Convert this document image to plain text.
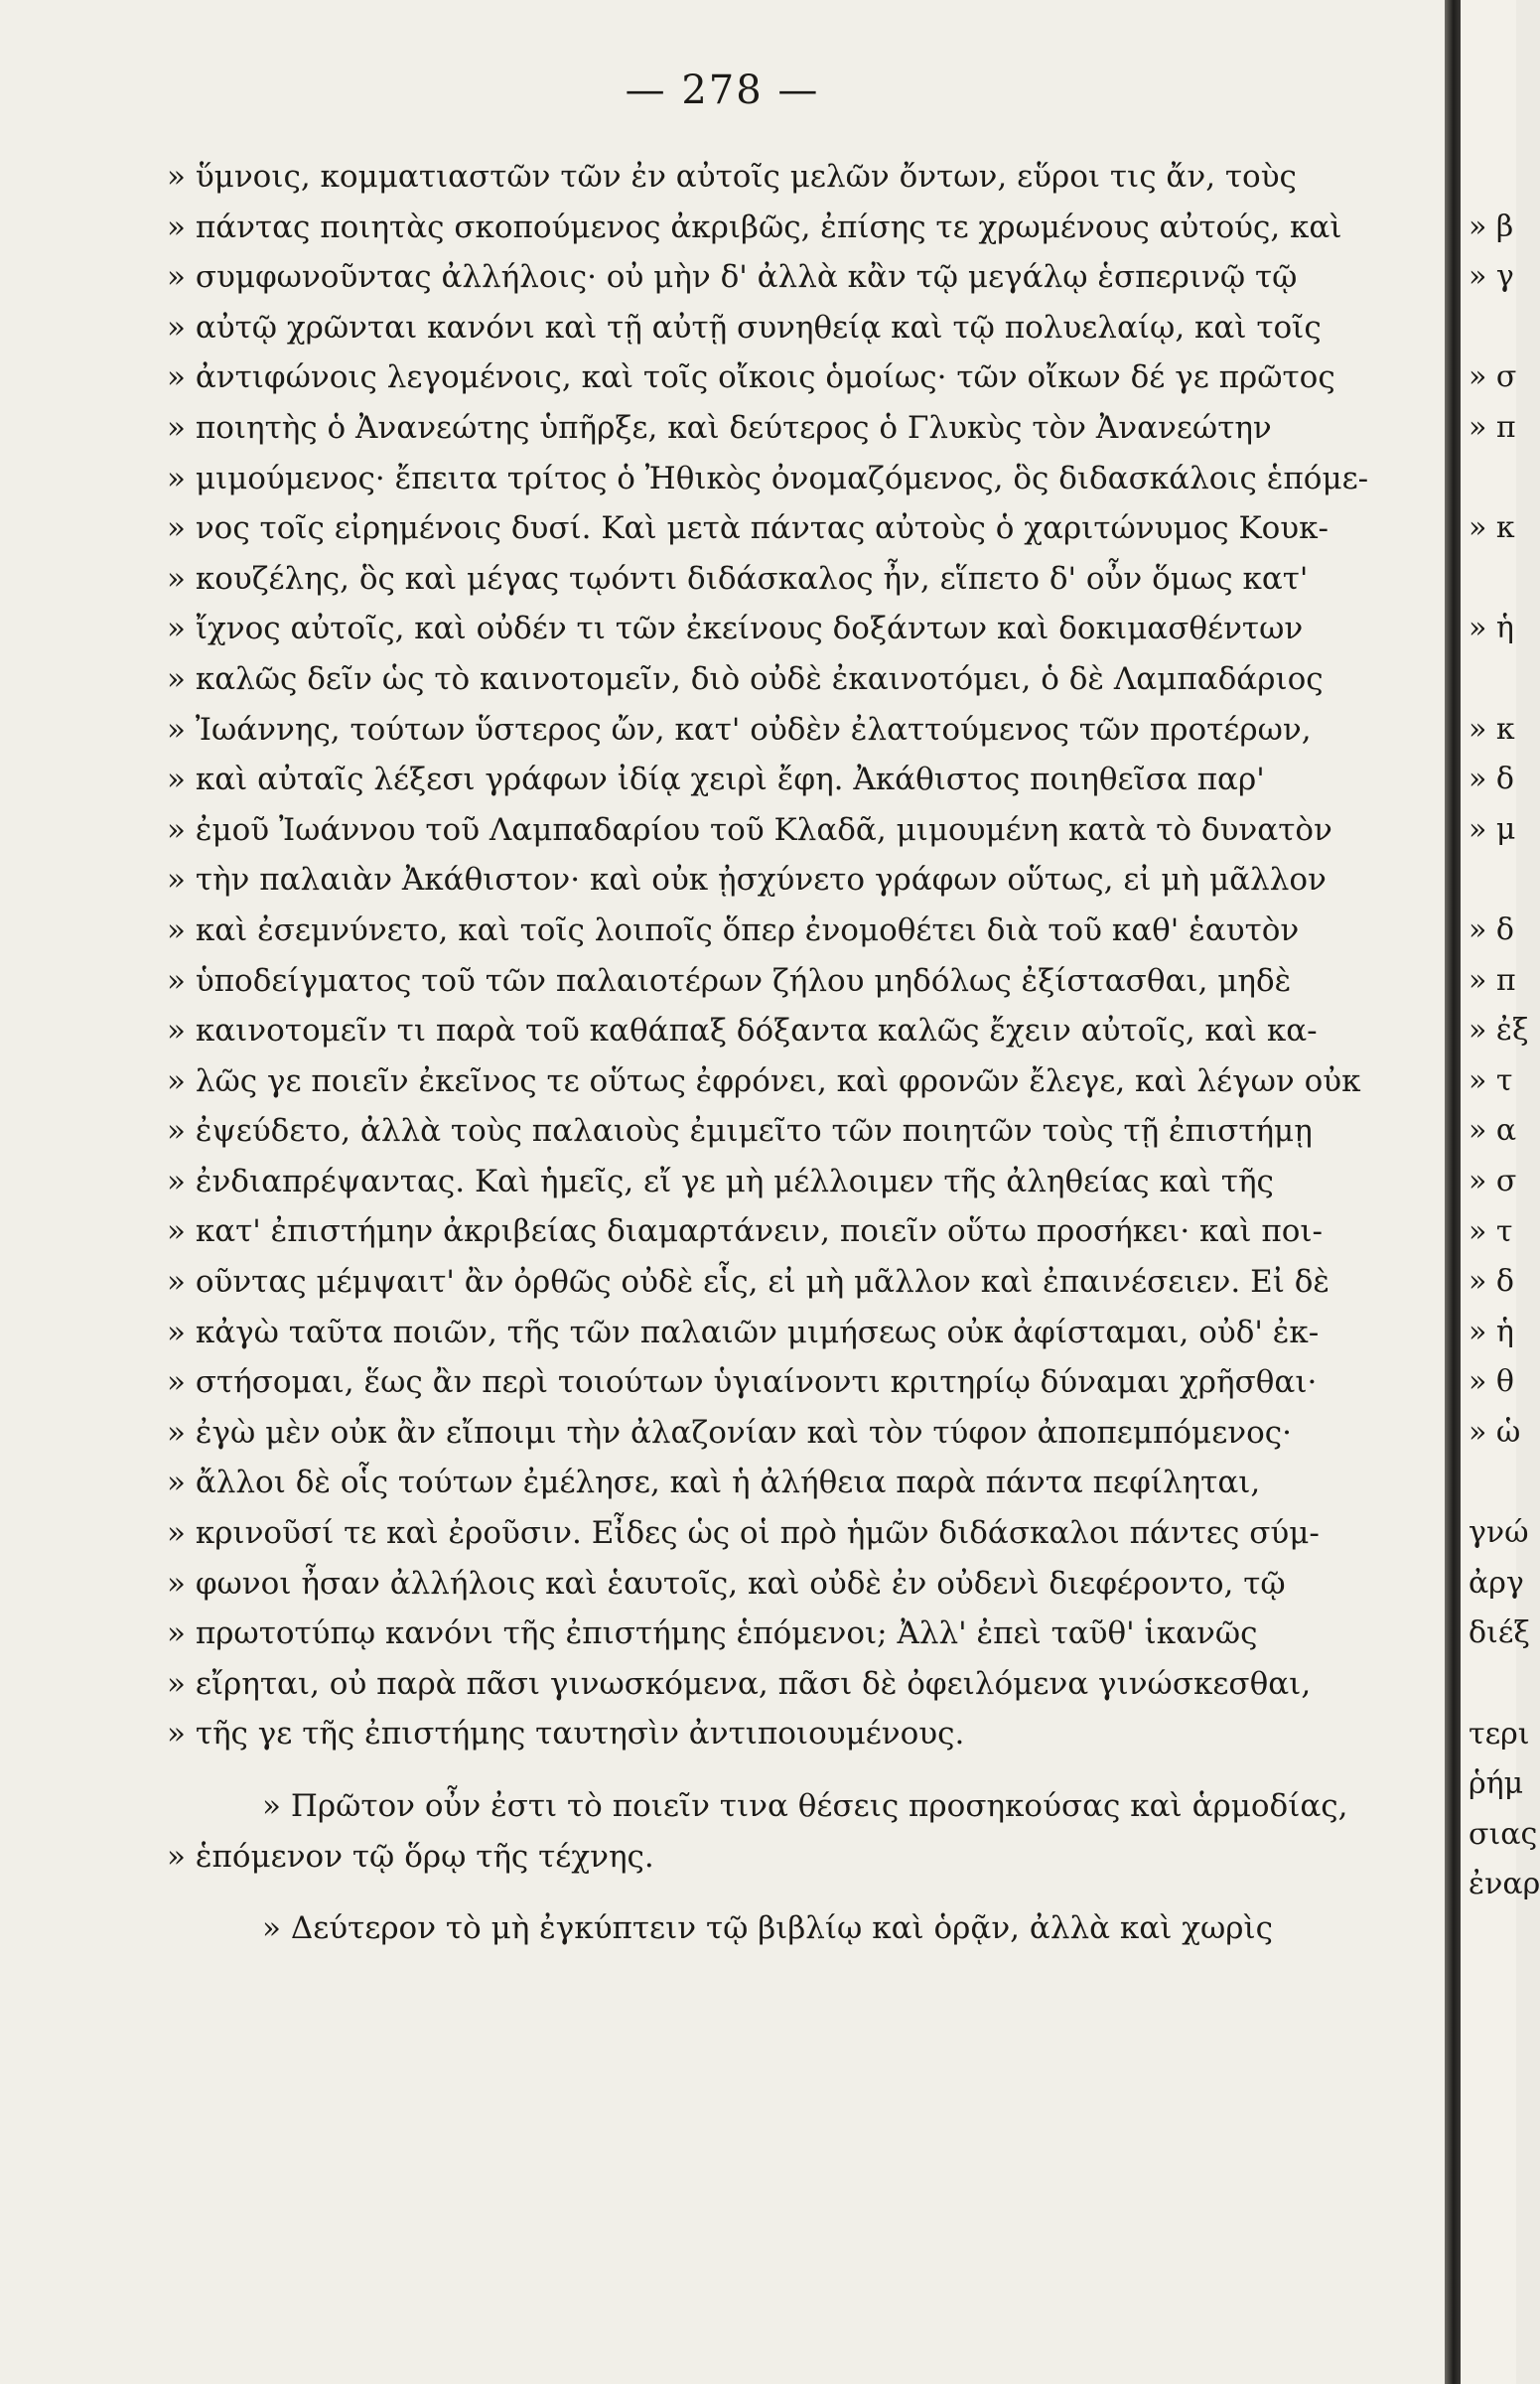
— 278 —
» ὕμνοις, κομματιαστῶν τῶν ἐν αὐτοῖς μελῶν ὄντων, εὕροι τις ἄν, τοὺς
» πάντας ποιητὰς σκοπούμενος ἀκριβῶς, ἐπίσης τε χρωμένους αὐτούς, καὶ
» συμφωνοῦντας ἀλλήλοις· οὐ μὴν δ' ἀλλὰ κἂν τῷ μεγάλῳ ἑσπερινῷ τῷ
» αὐτῷ χρῶνται κανόνι καὶ τῇ αὐτῇ συνηθείᾳ καὶ τῷ πολυελαίῳ, καὶ τοῖς
» ἀντιφώνοις λεγομένοις, καὶ τοῖς οἴκοις ὁμοίως· τῶν οἴκων δέ γε πρῶτος
» ποιητὴς ὁ Ἀνανεώτης ὑπῆρξε, καὶ δεύτερος ὁ Γλυκὺς τὸν Ἀνανεώτην
» μιμούμενος· ἔπειτα τρίτος ὁ Ἠθικὸς ὀνομαζόμενος, ὃς διδασκάλοις ἑπόμε-
» νος τοῖς εἰρημένοις δυσί. Καὶ μετὰ πάντας αὐτοὺς ὁ χαριτώνυμος Κουκ-
» κουζέλης, ὃς καὶ μέγας τῳόντι διδάσκαλος ἦν, εἵπετο δ' οὖν ὅμως κατ'
» ἴχνος αὐτοῖς, καὶ οὐδέν τι τῶν ἐκείνους δοξάντων καὶ δοκιμασθέντων
» καλῶς δεῖν ὡς τὸ καινοτομεῖν, διὸ οὐδὲ ἐκαινοτόμει, ὁ δὲ Λαμπαδάριος
» Ἰωάννης, τούτων ὕστερος ὤν, κατ' οὐδὲν ἐλαττούμενος τῶν προτέρων,
» καὶ αὐταῖς λέξεσι γράφων ἰδίᾳ χειρὶ ἔφη. Ἀκάθιστος ποιηθεῖσα παρ'
» ἐμοῦ Ἰωάννου τοῦ Λαμπαδαρίου τοῦ Κλαδᾶ, μιμουμένη κατὰ τὸ δυνατὸν
» τὴν παλαιὰν Ἀκάθιστον· καὶ οὐκ ᾐσχύνετο γράφων οὕτως, εἰ μὴ μᾶλλον
» καὶ ἐσεμνύνετο, καὶ τοῖς λοιποῖς ὅπερ ἐνομοθέτει διὰ τοῦ καθ' ἑαυτὸν
» ὑποδείγματος τοῦ τῶν παλαιοτέρων ζήλου μηδόλως ἐξίστασθαι, μηδὲ
» καινοτομεῖν τι παρὰ τοῦ καθάπαξ δόξαντα καλῶς ἔχειν αὐτοῖς, καὶ κα-
» λῶς γε ποιεῖν ἐκεῖνος τε οὕτως ἐφρόνει, καὶ φρονῶν ἔλεγε, καὶ λέγων οὐκ
» ἐψεύδετο, ἀλλὰ τοὺς παλαιοὺς ἐμιμεῖτο τῶν ποιητῶν τοὺς τῇ ἐπιστήμῃ
» ἐνδιαπρέψαντας. Καὶ ἡμεῖς, εἴ γε μὴ μέλλοιμεν τῆς ἀληθείας καὶ τῆς
» κατ' ἐπιστήμην ἀκριβείας διαμαρτάνειν, ποιεῖν οὕτω προσήκει· καὶ ποι-
» οῦντας μέμψαιτ' ἂν ὀρθῶς οὐδὲ εἷς, εἰ μὴ μᾶλλον καὶ ἐπαινέσειεν. Εἰ δὲ
» κἀγὼ ταῦτα ποιῶν, τῆς τῶν παλαιῶν μιμήσεως οὐκ ἀφίσταμαι, οὐδ' ἐκ-
» στήσομαι, ἕως ἂν περὶ τοιούτων ὑγιαίνοντι κριτηρίῳ δύναμαι χρῆσθαι·
» ἐγὼ μὲν οὐκ ἂν εἴποιμι τὴν ἀλαζονίαν καὶ τὸν τύφον ἀποπεμπόμενος·
» ἄλλοι δὲ οἷς τούτων ἐμέλησε, καὶ ἡ ἀλήθεια παρὰ πάντα πεφίληται,
» κρινοῦσί τε καὶ ἐροῦσιν. Εἶδες ὡς οἱ πρὸ ἡμῶν διδάσκαλοι πάντες σύμ-
» φωνοι ἦσαν ἀλλήλοις καὶ ἑαυτοῖς, καὶ οὐδὲ ἐν οὐδενὶ διεφέροντο, τῷ
» πρωτοτύπῳ κανόνι τῆς ἐπιστήμης ἑπόμενοι; Ἀλλ' ἐπεὶ ταῦθ' ἱκανῶς
» εἴρηται, οὐ παρὰ πᾶσι γινωσκόμενα, πᾶσι δὲ ὀφειλόμενα γινώσκεσθαι,
» τῆς γε τῆς ἐπιστήμης ταυτησὶν ἀντιποιουμένους.
» Πρῶτον οὖν ἐστι τὸ ποιεῖν τινα θέσεις προσηκούσας καὶ ἁρμοδίας,
» ἑπόμενον τῷ ὅρῳ τῆς τέχνης.
» Δεύτερον τὸ μὴ ἐγκύπτειν τῷ βιβλίῳ καὶ ὁρᾷν, ἀλλὰ καὶ χωρὶς
» β
» γ
» σ
» π
» κ
» ἡ
» κ
» δ
» μ
» δ
» π
» ἐξ
» τ
» α
» σ
» τ
» δ
» ἡ
» θ
» ὡ
γνώ
ἀργ
διέξ
τερι
ῥήμ
σιας
ἐναρ
